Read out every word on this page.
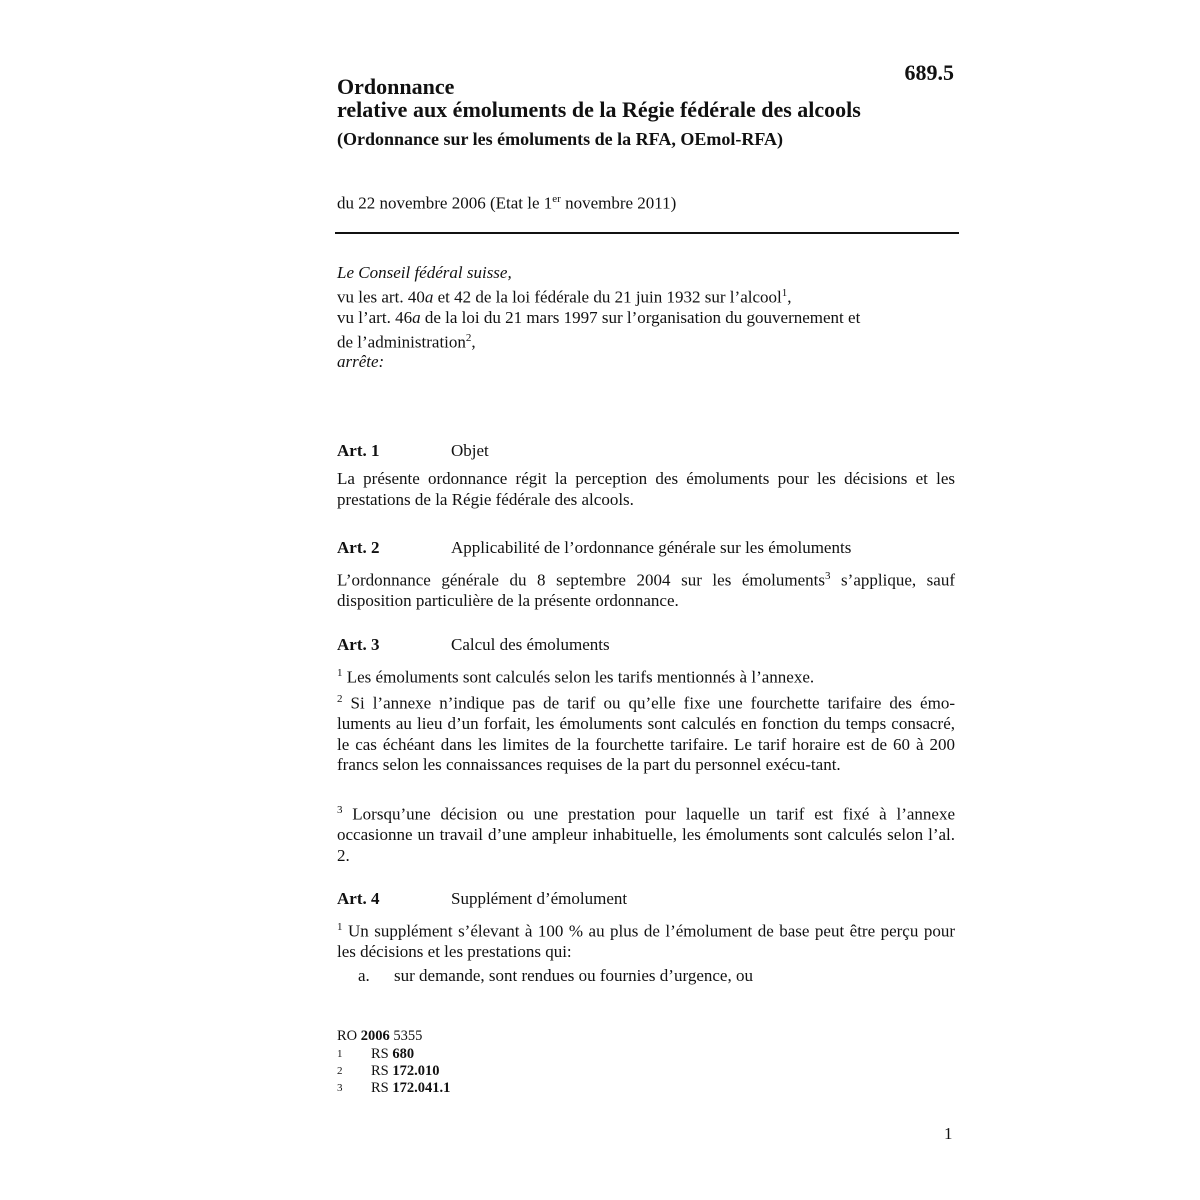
689.5
Ordonnance
relative aux émoluments de la Régie fédérale des alcools
(Ordonnance sur les émoluments de la RFA, OEmol-RFA)
du 22 novembre 2006 (Etat le 1er novembre 2011)

Le Conseil fédéral suisse,

vu les art. 40a et 42 de la loi fédérale du 21 juin 1932 sur l’alcool$^1$,

vu l’art. 46a de la loi du 21 mars 1997 sur l’organisation du gouvernement et

de l’administration$^2$,

arrête:

Art. 1	Objet

La présente ordonnance régit la perception des émoluments pour les décisions et les prestations de la Régie fédérale des alcools.

Art. 2	Applicabilité de l’ordonnance générale sur les émoluments

L’ordonnance générale du 8 septembre 2004 sur les émoluments$^3$ s’applique, sauf disposition particulière de la présente ordonnance.

Art. 3	Calcul des émoluments

$^1$ Les émoluments sont calculés selon les tarifs mentionnés à l’annexe.

$^2$ Si l’annexe n’indique pas de tarif ou qu’elle fixe une fourchette tarifaire des émo-luments au lieu d’un forfait, les émoluments sont calculés en fonction du temps consacré, le cas échéant dans les limites de la fourchette tarifaire. Le tarif horaire est de 60 à 200 francs selon les connaissances requises de la part du personnel exécu-tant.

$^3$ Lorsqu’une décision ou une prestation pour laquelle un tarif est fixé à l’annexe occasionne un travail d’une ampleur inhabituelle, les émoluments sont calculés selon l’al. 2.

Art. 4	Supplément d’émolument

$^1$ Un supplément s’élevant à 100 % au plus de l’émolument de base peut être perçu pour les décisions et les prestations qui:

a. sur demande, sont rendues ou fournies d’urgence, ou
RO 2006 5355
1 RS 680
2 RS 172.010
3 RS 172.041.1
1
